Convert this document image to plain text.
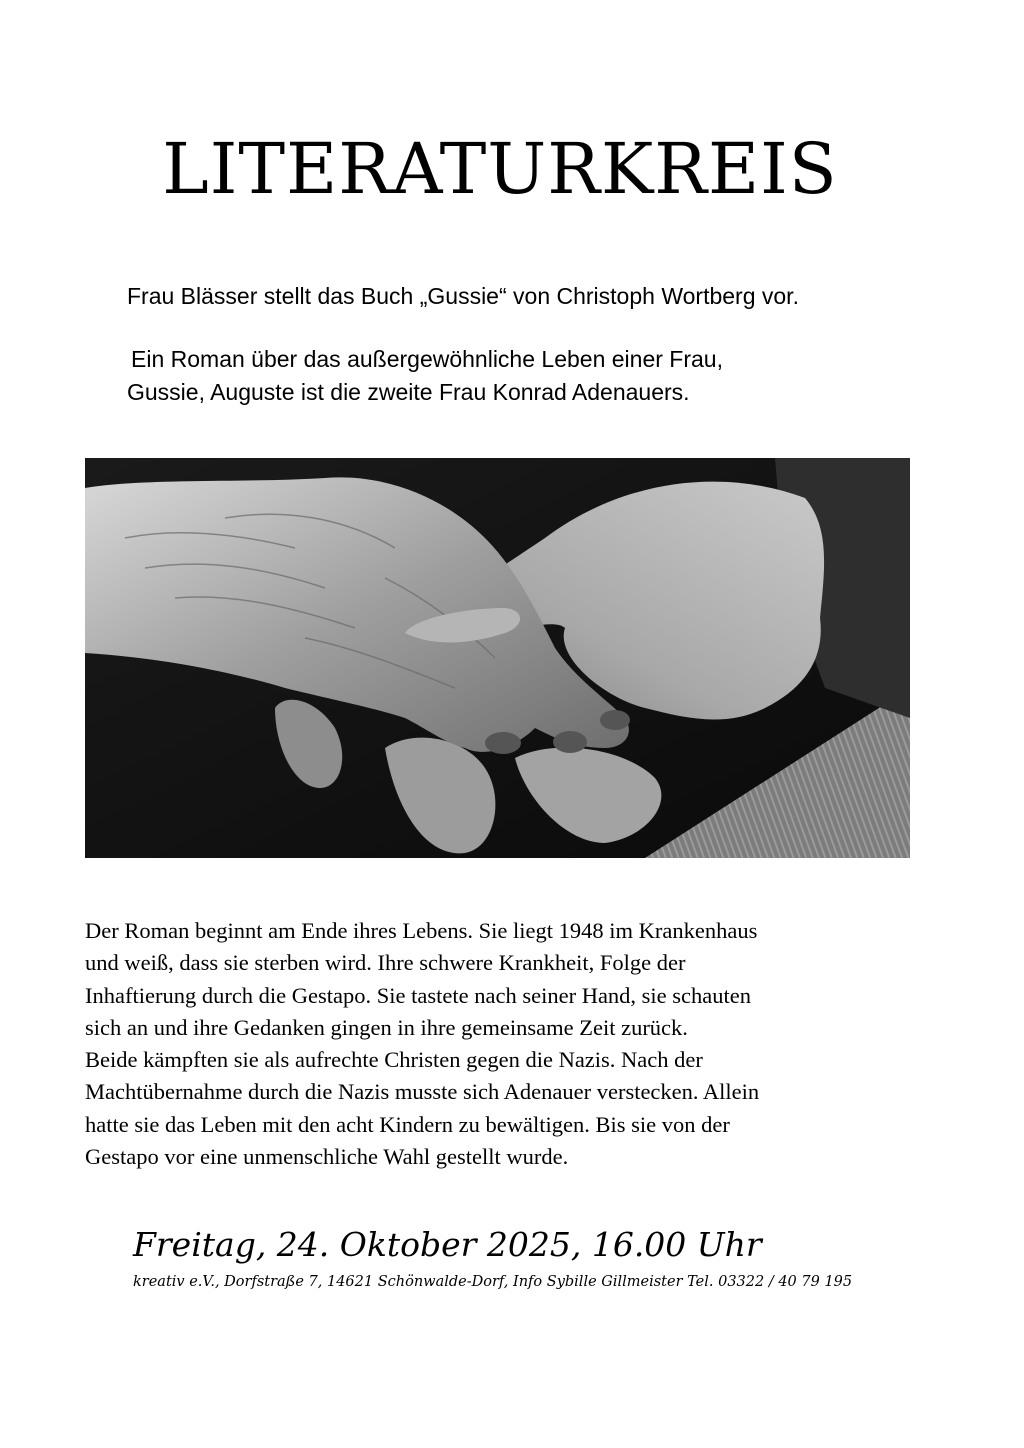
LITERATURKREIS
Frau Blässer stellt das Buch „Gussie“ von Christoph Wortberg vor.
Ein Roman über das außergewöhnliche Leben einer Frau,
Gussie, Auguste ist die zweite Frau Konrad Adenauers.
Der Roman beginnt am Ende ihres Lebens. Sie liegt 1948 im Krankenhaus
und weiß, dass sie sterben wird. Ihre schwere Krankheit, Folge der
Inhaftierung durch die Gestapo. Sie tastete nach seiner Hand, sie schauten
sich an und ihre Gedanken gingen in ihre gemeinsame Zeit zurück.
Beide kämpften sie als aufrechte Christen gegen die Nazis. Nach der
Machtübernahme durch die Nazis musste sich Adenauer verstecken. Allein
hatte sie das Leben mit den acht Kindern zu bewältigen. Bis sie von der
Gestapo vor eine unmenschliche Wahl gestellt wurde.
Freitag, 24. Oktober 2025, 16.00 Uhr
kreativ e.V., Dorfstraße 7, 14621 Schönwalde-Dorf, Info Sybille Gillmeister Tel. 03322 / 40 79 195
